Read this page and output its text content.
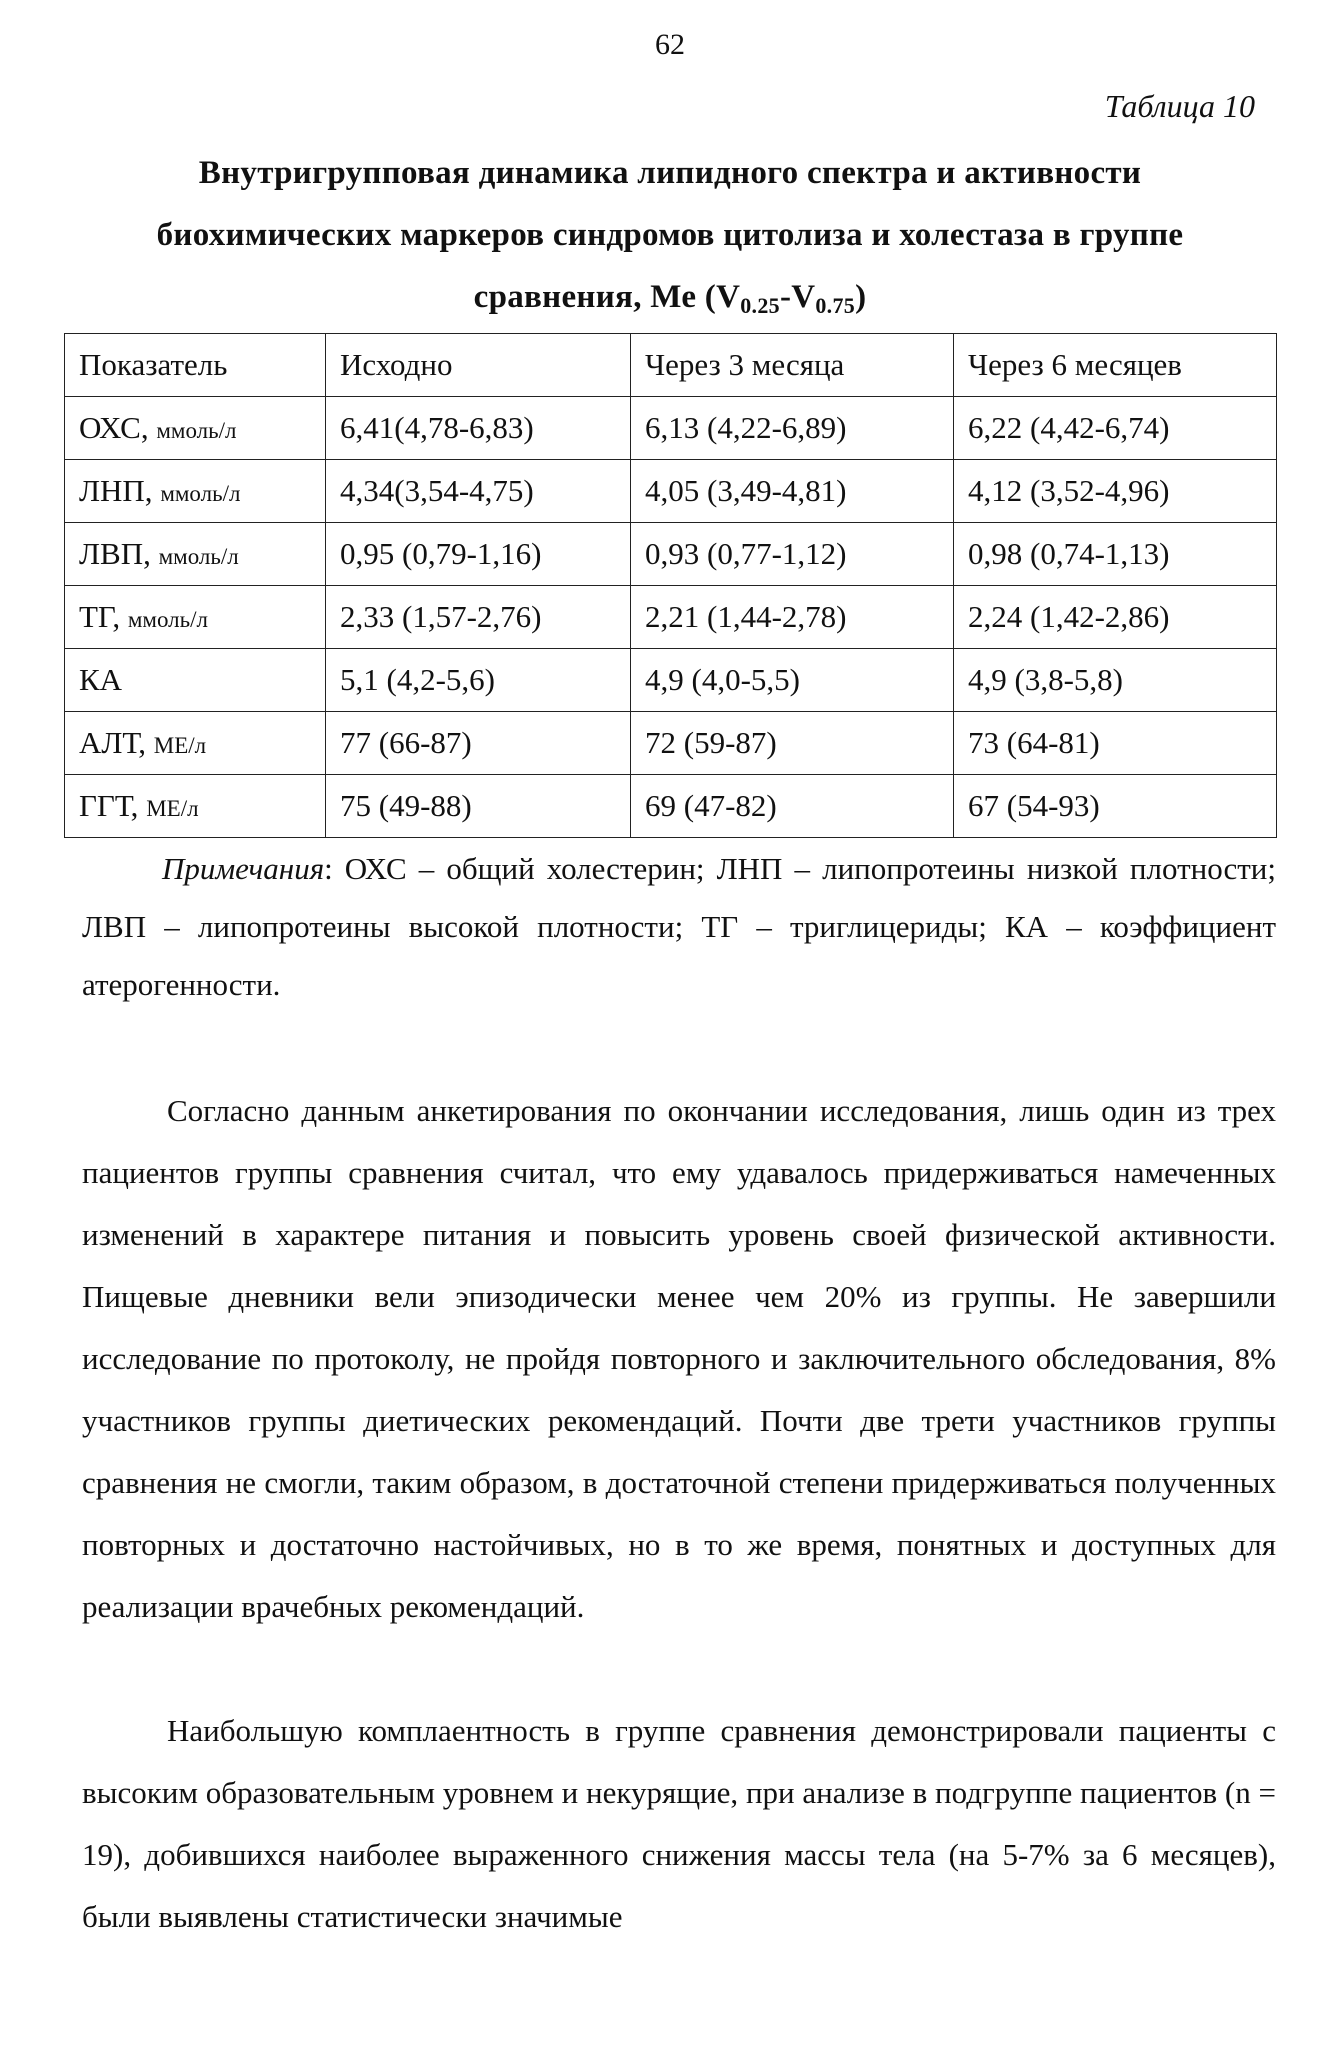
62
Таблица 10
Внутригрупповая динамика липидного спектра и активности
биохимических маркеров синдромов цитолиза и холестаза в группе
сравнения, Ме $(V_{0.25}-V_{0.75})$
Показатель	Исходно	Через 3 месяца	Через 6 месяцев
ОХС, ммоль/л	6,41(4,78-6,83)	6,13 (4,22-6,89)	6,22 (4,42-6,74)
ЛНП, ммоль/л	4,34(3,54-4,75)	4,05 (3,49-4,81)	4,12 (3,52-4,96)
ЛВП, ммоль/л	0,95 (0,79-1,16)	0,93 (0,77-1,12)	0,98 (0,74-1,13)
ТГ, ммоль/л	2,33 (1,57-2,76)	2,21 (1,44-2,78)	2,24 (1,42-2,86)
КА	5,1 (4,2-5,6)	4,9 (4,0-5,5)	4,9 (3,8-5,8)
АЛТ, МЕ/л	77 (66-87)	72 (59-87)	73 (64-81)
ГГТ, МЕ/л	75 (49-88)	69 (47-82)	67 (54-93)
Примечания: ОХС – общий холестерин; ЛНП – липопротеины низкой плотности; ЛВП – липопротеины высокой плотности; ТГ – триглицериды; КА – коэффициент атерогенности.

Согласно данным анкетирования по окончании исследования, лишь один из трех пациентов группы сравнения считал, что ему удавалось придерживаться намеченных изменений в характере питания и повысить уровень своей физической активности. Пищевые дневники вели эпизодически менее чем 20% из группы. Не завершили исследование по протоколу, не пройдя повторного и заключительного обследования, 8% участников группы диетических рекомендаций. Почти две трети участников группы сравнения не смогли, таким образом, в достаточной степени придерживаться полученных повторных и достаточно настойчивых, но в то же время, понятных и доступных для реализации врачебных рекомендаций.

Наибольшую комплаентность в группе сравнения демонстрировали пациенты с высоким образовательным уровнем и некурящие, при анализе в подгруппе пациентов (n = 19), добившихся наиболее выраженного снижения массы тела (на 5-7% за 6 месяцев), были выявлены статистически значимые
